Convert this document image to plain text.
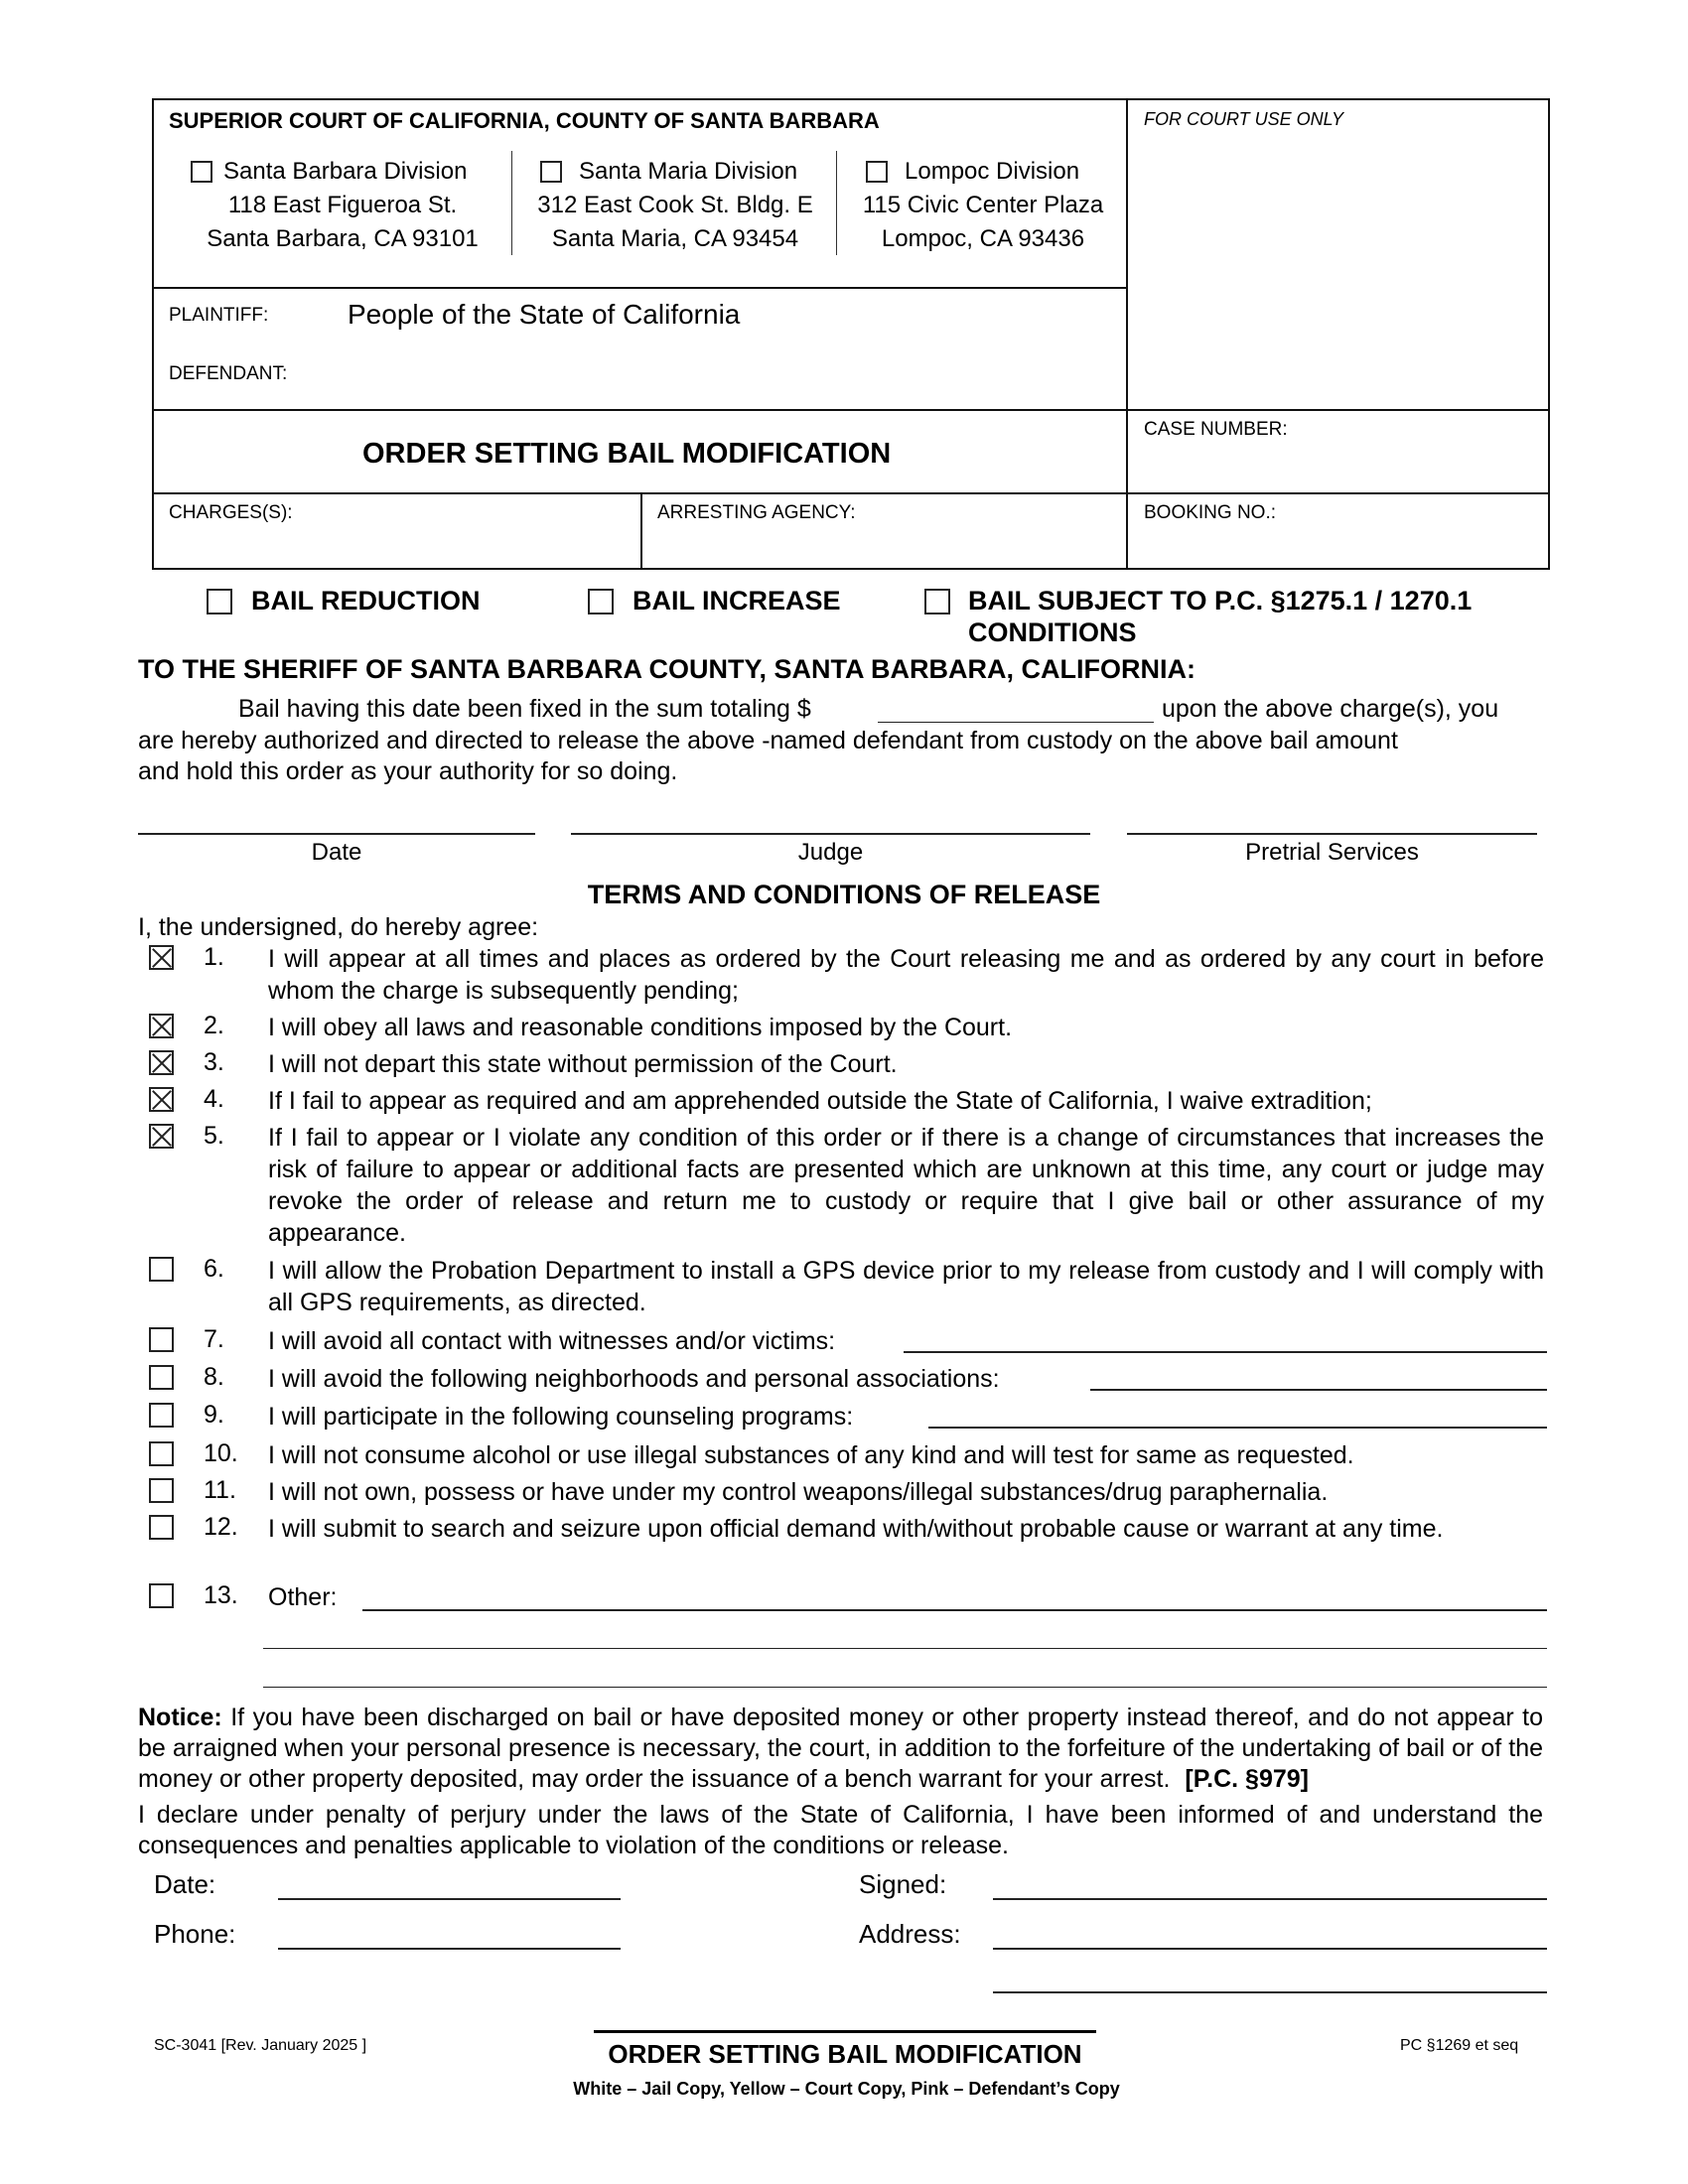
SUPERIOR COURT OF CALIFORNIA, COUNTY OF SANTA BARBARA	FOR COURT USE ONLY
Santa Barbara Division
118 East Figueroa St.
Santa Barbara, CA 93101
Santa Maria Division
312 East Cook St. Bldg. E
Santa Maria, CA 93454
Lompoc Division
115 Civic Center Plaza
Lompoc, CA 93436
PLAINTIFF:	People of the State of California
DEFENDANT:
ORDER SETTING BAIL MODIFICATION
CASE NUMBER:
CHARGES(S):	ARRESTING AGENCY:	BOOKING NO.:
BAIL REDUCTION	BAIL INCREASE	BAIL SUBJECT TO P.C. §1275.1 / 1270.1
CONDITIONS
TO THE SHERIFF OF SANTA BARBARA COUNTY, SANTA BARBARA, CALIFORNIA:
Bail having this date been fixed in the sum totaling $	upon the above charge(s), you
are hereby authorized and directed to release the above -named defendant from custody on the above bail amount
and hold this order as your authority for so doing.
Date	Judge	Pretrial Services
TERMS AND CONDITIONS OF RELEASE
I, the undersigned, do hereby agree:
1. I will appear at all times and places as ordered by the Court releasing me and as ordered by any court in before whom the charge is subsequently pending;
2. I will obey all laws and reasonable conditions imposed by the Court.
3. I will not depart this state without permission of the Court.
4. If I fail to appear as required and am apprehended outside the State of California, I waive extradition;
5. If I fail to appear or I violate any condition of this order or if there is a change of circumstances that increases the risk of failure to appear or additional facts are presented which are unknown at this time, any court or judge may revoke the order of release and return me to custody or require that I give bail or other assurance of my appearance.
6. I will allow the Probation Department to install a GPS device prior to my release from custody and I will comply with all GPS requirements, as directed.
7. I will avoid all contact with witnesses and/or victims:
8. I will avoid the following neighborhoods and personal associations:
9. I will participate in the following counseling programs:
10. I will not consume alcohol or use illegal substances of any kind and will test for same as requested.
11. I will not own, possess or have under my control weapons/illegal substances/drug paraphernalia.
12. I will submit to search and seizure upon official demand with/without probable cause or warrant at any time.
13. Other:
Notice: If you have been discharged on bail or have deposited money or other property instead thereof, and do not appear to be arraigned when your personal presence is necessary, the court, in addition to the forfeiture of the undertaking of bail or of the money or other property deposited, may order the issuance of a bench warrant for your arrest. [P.C. §979]
I declare under penalty of perjury under the laws of the State of California, I have been informed of and understand the consequences and penalties applicable to violation of the conditions or release.
Date:
Phone:
Signed:
Address:
SC-3041 [Rev. January 2025 ]	ORDER SETTING BAIL MODIFICATION	PC §1269 et seq
White – Jail Copy, Yellow – Court Copy, Pink – Defendant’s Copy
